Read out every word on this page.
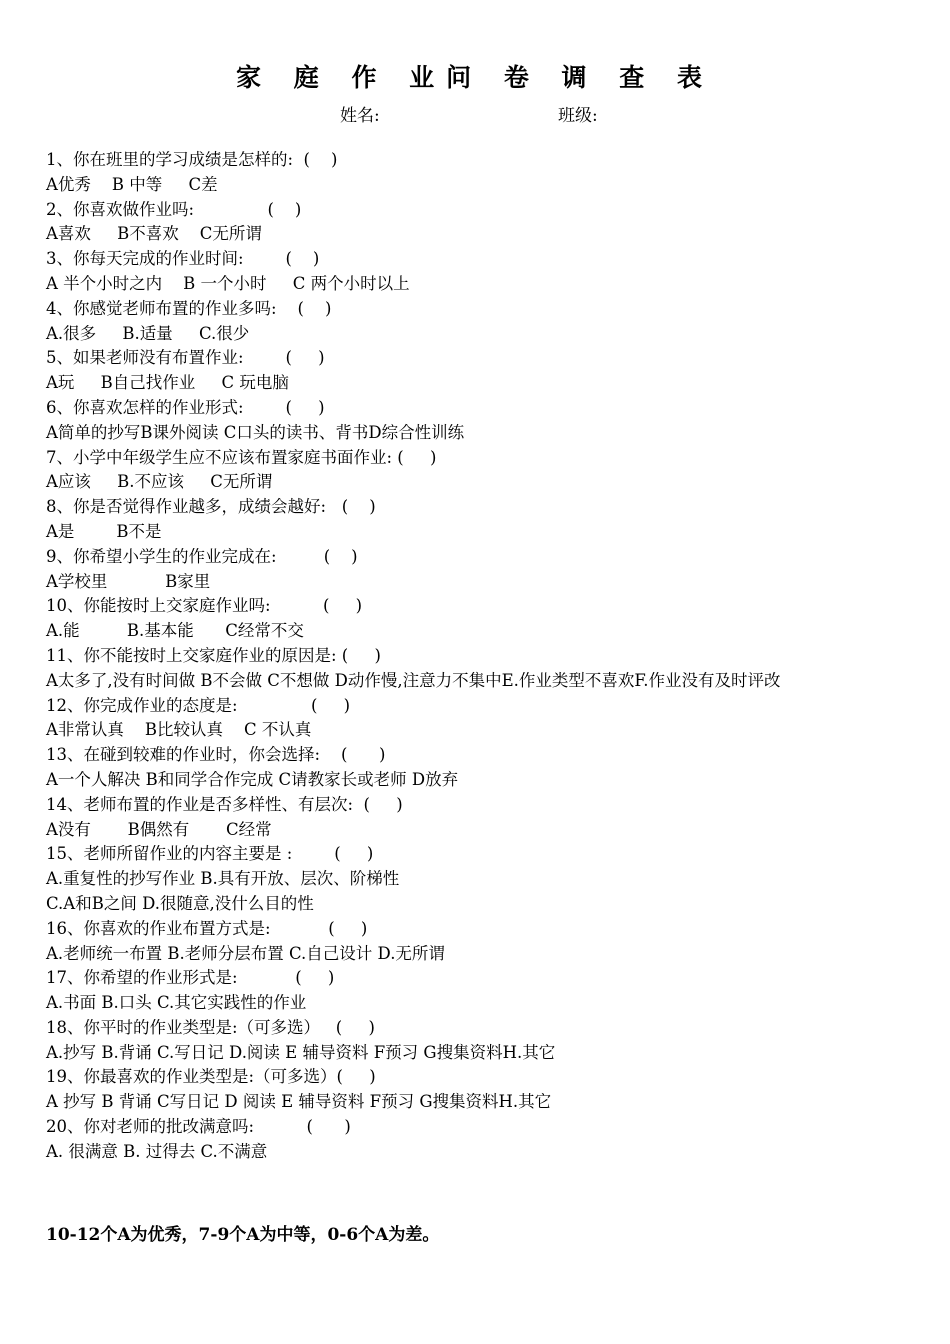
家 庭 作 业问 卷 调 查 表
姓名:	班级:
1、你在班里的学习成绩是怎样的:  (    )
A优秀    B 中等     C差
2、你喜欢做作业吗:              (    )
A喜欢     B不喜欢    C无所谓
3、你每天完成的作业时间:        (    )
A 半个小时之内    B 一个小时     C 两个小时以上
4、你感觉老师布置的作业多吗:    (    )
A.很多     B.适量     C.很少
5、如果老师没有布置作业:        (     )
A玩     B自己找作业     C 玩电脑
6、你喜欢怎样的作业形式:        (     )
A简单的抄写B课外阅读 C口头的读书、背书D综合性训练
7、小学中年级学生应不应该布置家庭书面作业: (     )
A应该     B.不应该     C无所谓
8、你是否觉得作业越多，成绩会越好:   (    )
A是        B不是
9、你希望小学生的作业完成在:         (    )
A学校里           B家里
10、你能按时上交家庭作业吗:          (     )
A.能         B.基本能      C经常不交
11、你不能按时上交家庭作业的原因是: (     )
A太多了,没有时间做 B不会做 C不想做 D动作慢,注意力不集中E.作业类型不喜欢F.作业没有及时评改
12、你完成作业的态度是:              (     )
A非常认真    B比较认真    C 不认真
13、在碰到较难的作业时，你会选择:    (      )
A一个人解决 B和同学合作完成 C请教家长或老师 D放弃
14、老师布置的作业是否多样性、有层次:  (     )
A没有       B偶然有       C经常
15、老师所留作业的内容主要是 :        (     )
A.重复性的抄写作业 B.具有开放、层次、阶梯性
C.A和B之间 D.很随意,没什么目的性
16、你喜欢的作业布置方式是:           (     )
A.老师统一布置 B.老师分层布置 C.自己设计 D.无所谓
17、你希望的作业形式是:           (     )
A.书面 B.口头 C.其它实践性的作业
18、你平时的作业类型是:（可多选）   (     )
A.抄写 B.背诵 C.写日记 D.阅读 E 辅导资料 F预习 G搜集资料H.其它
19、你最喜欢的作业类型是:（可多选）(     )
A 抄写 B 背诵 C写日记 D 阅读 E 辅导资料 F预习 G搜集资料H.其它
20、你对老师的批改满意吗:          (      )
A. 很满意 B. 过得去 C.不满意
10-12个A为优秀，7-9个A为中等，0-6个A为差。
